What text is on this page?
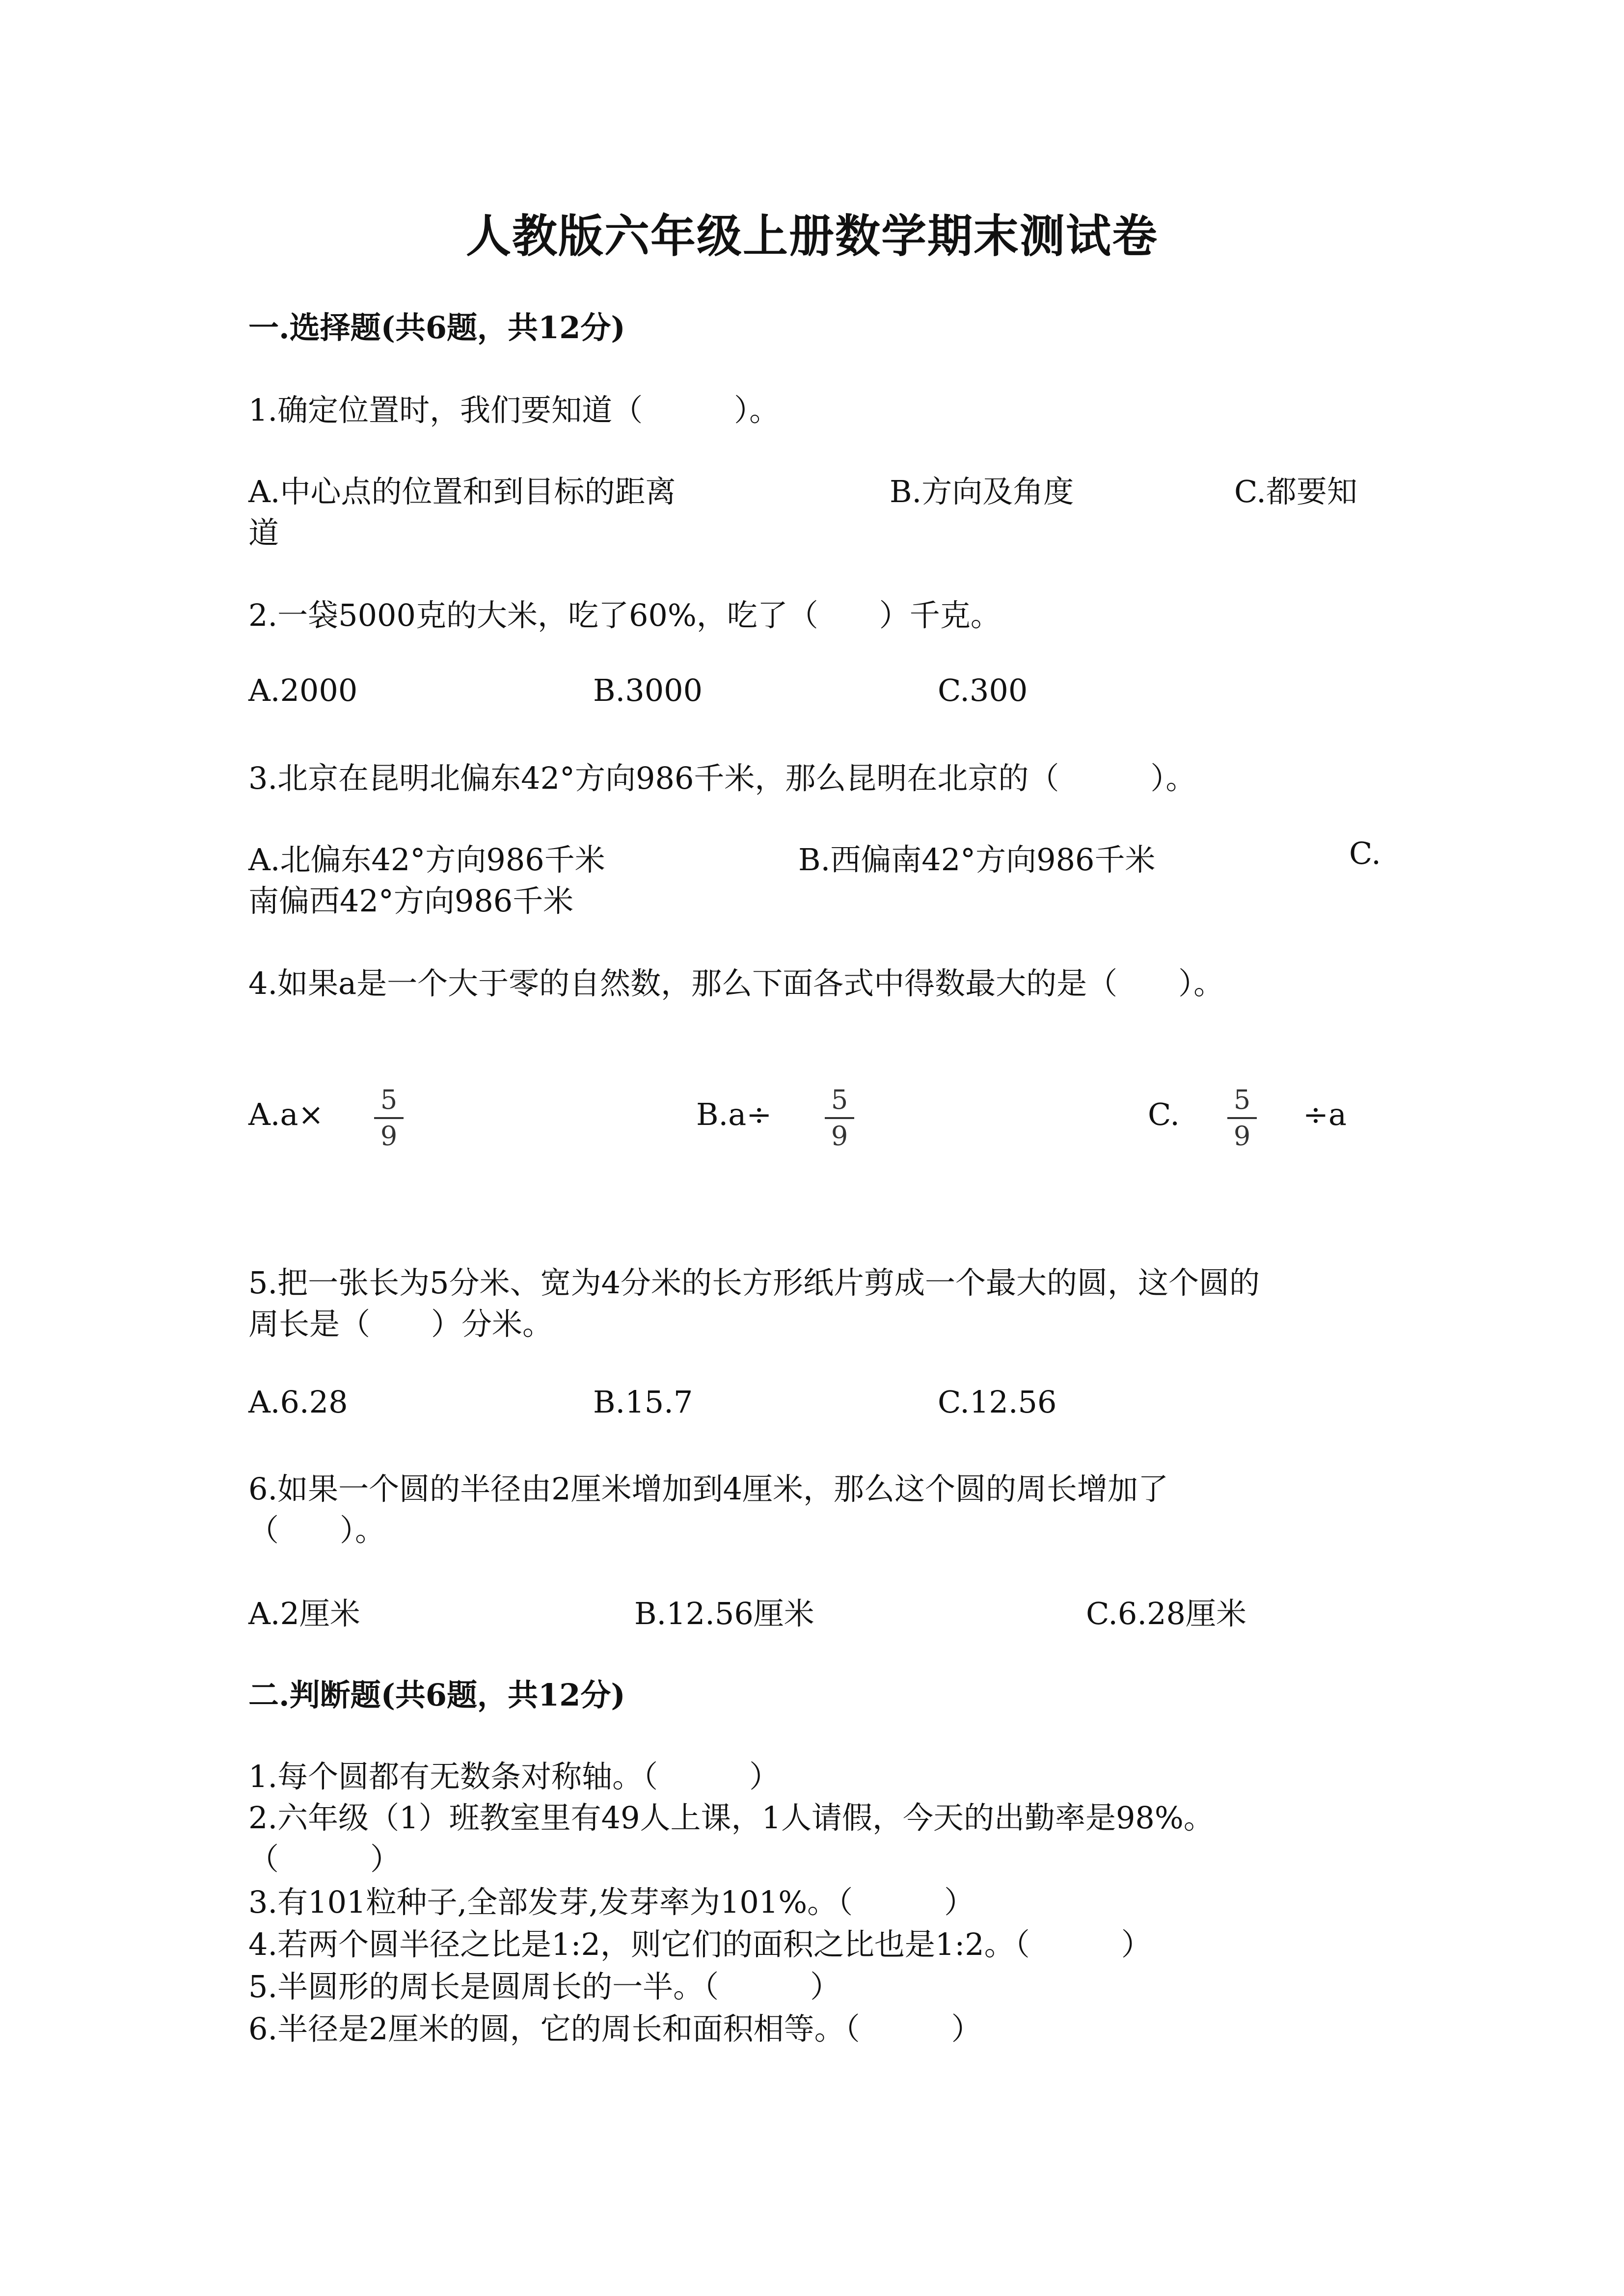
人教版六年级上册数学期末测试卷
一.选择题(共6题，共12分)
1.确定位置时，我们要知道（　　　）。
A.中心点的位置和到目标的距离	B.方向及角度	C.都要知
道
2.一袋5000克的大米，吃了60%，吃了（　　）千克。
A.2000	B.3000	C.300
3.北京在昆明北偏东42°方向986千米，那么昆明在北京的（　　　）。
A.北偏东42°方向986千米	B.西偏南42°方向986千米	C.
南偏西42°方向986千米
4.如果a是一个大于零的自然数，那么下面各式中得数最大的是（　　）。
A.a× 5
9
B.a÷ 5
9
C. 5
9
÷a
5.把一张长为5分米、宽为4分米的长方形纸片剪成一个最大的圆，这个圆的
周长是（　　）分米。
A.6.28	B.15.7	C.12.56
6.如果一个圆的半径由2厘米增加到4厘米，那么这个圆的周长增加了
（　　）。
A.2厘米	B.12.56厘米	C.6.28厘米
二.判断题(共6题，共12分)
1.每个圆都有无数条对称轴。（　　　）
2.六年级（1）班教室里有49人上课，1人请假，今天的出勤率是98%。
（　　　）
3.有101粒种子,全部发芽,发芽率为101%。（　　　）
4.若两个圆半径之比是1:2，则它们的面积之比也是1:2。（　　　）
5.半圆形的周长是圆周长的一半。（　　　）
6.半径是2厘米的圆，它的周长和面积相等。（　　　）
